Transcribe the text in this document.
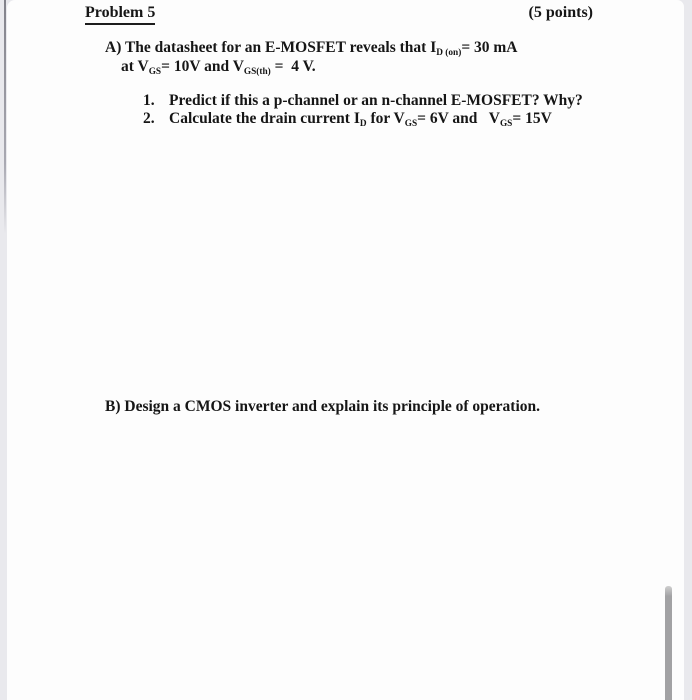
Problem 5	(5 points)
A) The datasheet for an E-MOSFET reveals that $I_{D (on)}= 30$ mA
at $V_{GS}= 10V$ and $V_{GS(th)} = 4$ V.
1. Predict if this a p-channel or an n-channel E-MOSFET? Why?
2. Calculate the drain current $I_D$ for $V_{GS}= 6V$ and   $V_{GS}= 15V$
B) Design a CMOS inverter and explain its principle of operation.
